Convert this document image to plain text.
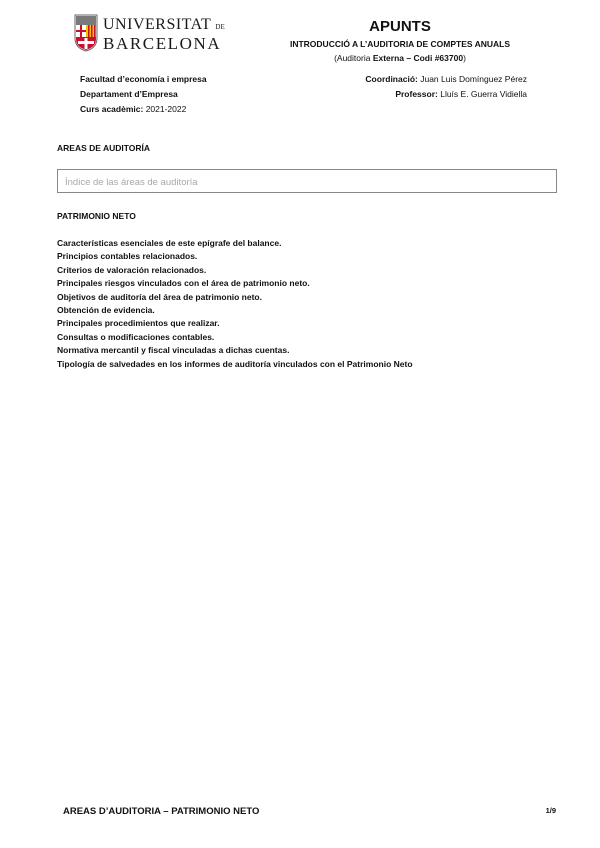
UNIVERSITAT DE
BARCELONA
APUNTS
INTRODUCCIÓ A L’AUDITORIA DE COMPTES ANUALS
(Auditoria Externa – Codi #63700)
Facultad d’economía i empresa
Departament d’Empresa
Curs acadèmic: 2021-2022
Coordinació: Juan Luis Domínguez Pérez
Professor: Lluís E. Guerra Vidiella
AREAS DE AUDITORÍA
Índice de las áreas de auditoría
PATRIMONIO NETO
Características esenciales de este epígrafe del balance.
Principios contables relacionados.
Criterios de valoración relacionados.
Principales riesgos vinculados con el área de patrimonio neto.
Objetivos de auditoría del área de patrimonio neto.
Obtención de evidencia.
Principales procedimientos que realizar.
Consultas o modificaciones contables.
Normativa mercantil y fiscal vinculadas a dichas cuentas.
Tipología de salvedades en los informes de auditoría vinculados con el Patrimonio Neto
AREAS D’AUDITORIA – PATRIMONIO NETO	1/9
